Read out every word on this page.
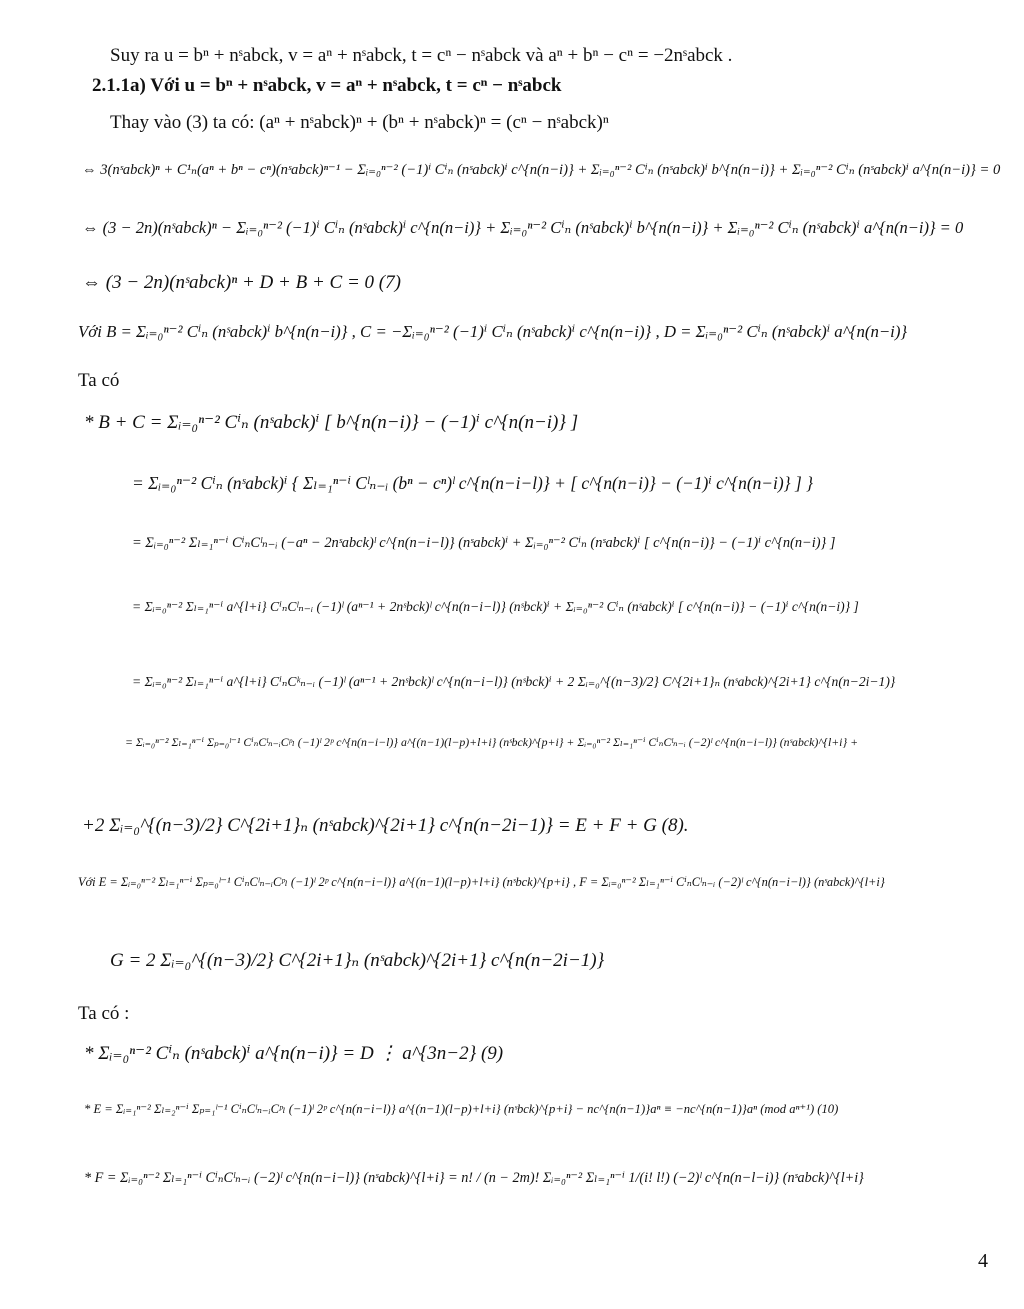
Suy ra u = bⁿ + nˢabck, v = aⁿ + nˢabck, t = cⁿ − nˢabck và aⁿ + bⁿ − cⁿ = −2nˢabck .
2.1.1a) Với u = bⁿ + nˢabck, v = aⁿ + nˢabck, t = cⁿ − nˢabck
Thay vào (3) ta có: (aⁿ + nˢabck)ⁿ + (bⁿ + nˢabck)ⁿ = (cⁿ − nˢabck)ⁿ
⇔ 3(nˢabck)ⁿ + C¹ₙ(aⁿ + bⁿ − cⁿ)(nˢabck)ⁿ⁻¹ − Σᵢ₌₀ⁿ⁻² (−1)ⁱ Cⁱₙ (nˢabck)ⁱ c^{n(n−i)} + Σᵢ₌₀ⁿ⁻² Cⁱₙ (nˢabck)ⁱ b^{n(n−i)} + Σᵢ₌₀ⁿ⁻² Cⁱₙ (nˢabck)ⁱ a^{n(n−i)} = 0
⇔ (3 − 2n)(nˢabck)ⁿ − Σᵢ₌₀ⁿ⁻² (−1)ⁱ Cⁱₙ (nˢabck)ⁱ c^{n(n−i)} + Σᵢ₌₀ⁿ⁻² Cⁱₙ (nˢabck)ⁱ b^{n(n−i)} + Σᵢ₌₀ⁿ⁻² Cⁱₙ (nˢabck)ⁱ a^{n(n−i)} = 0
⇔ (3 − 2n)(nˢabck)ⁿ + D + B + C = 0 (7)
Với B = Σᵢ₌₀ⁿ⁻² Cⁱₙ (nˢabck)ⁱ b^{n(n−i)} , C = −Σᵢ₌₀ⁿ⁻² (−1)ⁱ Cⁱₙ (nˢabck)ⁱ c^{n(n−i)} , D = Σᵢ₌₀ⁿ⁻² Cⁱₙ (nˢabck)ⁱ a^{n(n−i)}
Ta có
* B + C = Σᵢ₌₀ⁿ⁻² Cⁱₙ (nˢabck)ⁱ [ b^{n(n−i)} − (−1)ⁱ c^{n(n−i)} ]
= Σᵢ₌₀ⁿ⁻² Cⁱₙ (nˢabck)ⁱ { Σₗ₌₁ⁿ⁻ⁱ Cˡₙ₋ᵢ (bⁿ − cⁿ)ˡ c^{n(n−i−l)} + [ c^{n(n−i)} − (−1)ⁱ c^{n(n−i)} ] }
= Σᵢ₌₀ⁿ⁻² Σₗ₌₁ⁿ⁻ⁱ CⁱₙCˡₙ₋ᵢ (−aⁿ − 2nˢabck)ˡ c^{n(n−i−l)} (nˢabck)ⁱ + Σᵢ₌₀ⁿ⁻² Cⁱₙ (nˢabck)ⁱ [ c^{n(n−i)} − (−1)ⁱ c^{n(n−i)} ]
= Σᵢ₌₀ⁿ⁻² Σₗ₌₁ⁿ⁻ⁱ a^{l+i} CⁱₙCˡₙ₋ᵢ (−1)ˡ (aⁿ⁻¹ + 2nˢbck)ˡ c^{n(n−i−l)} (nˢbck)ⁱ + Σᵢ₌₀ⁿ⁻² Cⁱₙ (nˢabck)ⁱ [ c^{n(n−i)} − (−1)ⁱ c^{n(n−i)} ]
= Σᵢ₌₀ⁿ⁻² Σₗ₌₁ⁿ⁻ⁱ a^{l+i} CⁱₙCᵏₙ₋ᵢ (−1)ˡ (aⁿ⁻¹ + 2nˢbck)ˡ c^{n(n−i−l)} (nˢbck)ⁱ + 2 Σᵢ₌₀^{(n−3)/2} C^{2i+1}ₙ (nˢabck)^{2i+1} c^{n(n−2i−1)}
= Σᵢ₌₀ⁿ⁻² Σₗ₌₁ⁿ⁻ⁱ Σₚ₌₀ˡ⁻¹ CⁱₙCˡₙ₋ᵢCᵖₗ (−1)ˡ 2ᵖ c^{n(n−i−l)} a^{(n−1)(l−p)+l+i} (nˢbck)^{p+i} + Σᵢ₌₀ⁿ⁻² Σₗ₌₁ⁿ⁻ⁱ CⁱₙCˡₙ₋ᵢ (−2)ˡ c^{n(n−i−l)} (nˢabck)^{l+i} +
+2 Σᵢ₌₀^{(n−3)/2} C^{2i+1}ₙ (nˢabck)^{2i+1} c^{n(n−2i−1)} = E + F + G (8).
Với E = Σᵢ₌₀ⁿ⁻² Σₗ₌₁ⁿ⁻ⁱ Σₚ₌₀ˡ⁻¹ CⁱₙCˡₙ₋ᵢCᵖₗ (−1)ˡ 2ᵖ c^{n(n−i−l)} a^{(n−1)(l−p)+l+i} (nˢbck)^{p+i} , F = Σᵢ₌₀ⁿ⁻² Σₗ₌₁ⁿ⁻ⁱ CⁱₙCˡₙ₋ᵢ (−2)ˡ c^{n(n−i−l)} (nˢabck)^{l+i}
G = 2 Σᵢ₌₀^{(n−3)/2} C^{2i+1}ₙ (nˢabck)^{2i+1} c^{n(n−2i−1)}
Ta có :
* Σᵢ₌₀ⁿ⁻² Cⁱₙ (nˢabck)ⁱ a^{n(n−i)} = D ⋮ a^{3n−2} (9)
* E = Σᵢ₌₁ⁿ⁻² Σₗ₌₂ⁿ⁻ⁱ Σₚ₌₁ˡ⁻¹ CⁱₙCˡₙ₋ᵢCᵖₗ (−1)ˡ 2ᵖ c^{n(n−i−l)} a^{(n−1)(l−p)+l+i} (nˢbck)^{p+i} − nc^{n(n−1)}aⁿ ≡ −nc^{n(n−1)}aⁿ (mod aⁿ⁺¹) (10)
* F = Σᵢ₌₀ⁿ⁻² Σₗ₌₁ⁿ⁻ⁱ CⁱₙCˡₙ₋ᵢ (−2)ˡ c^{n(n−i−l)} (nˢabck)^{l+i} = n! / (n − 2m)! Σᵢ₌₀ⁿ⁻² Σₗ₌₁ⁿ⁻ⁱ 1/(i! l!) (−2)ˡ c^{n(n−l−i)} (nˢabck)^{l+i}
4
